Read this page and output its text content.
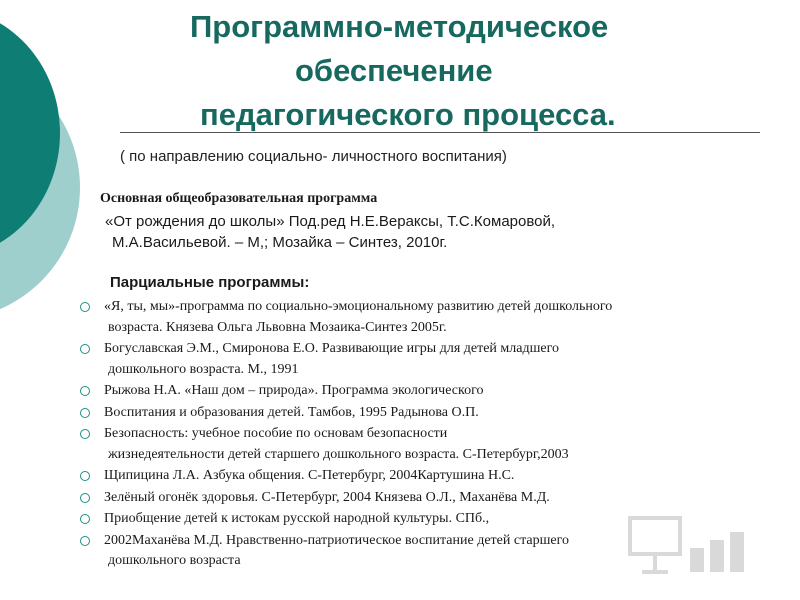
Программно-методическое
обеспечение
педагогического процесса.
( по направлению социально- личностного воспитания)
Основная общеобразовательная программа
«От рождения до школы» Под.ред Н.Е.Вераксы, Т.С.Комаровой,
М.А.Васильевой. – М,; Мозайка – Синтез, 2010г.
Парциальные программы:
«Я, ты, мы»-программа по социально-эмоциональному развитию детей дошкольного
возраста. Князева Ольга Львовна Мозаика-Синтез 2005г.
Богуславская Э.М., Смиронова Е.О. Развивающие игры для детей младшего
дошкольного возраста. М., 1991
Рыжова Н.А. «Наш дом – природа». Программа экологического
Воспитания и образования детей. Тамбов, 1995 Радынова О.П.
Безопасность: учебное пособие по основам безопасности
жизнедеятельности детей старшего дошкольного возраста. С-Петербург,2003
Щипицина Л.А. Азбука общения. С-Петербург, 2004Картушина Н.С.
Зелёный огонёк здоровья. С-Петербург, 2004 Князева О.Л., Маханёва М.Д.
Приобщение детей к истокам русской народной культуры. СПб.,
2002Маханёва М.Д. Нравственно-патриотическое воспитание детей старшего
дошкольного возраста
